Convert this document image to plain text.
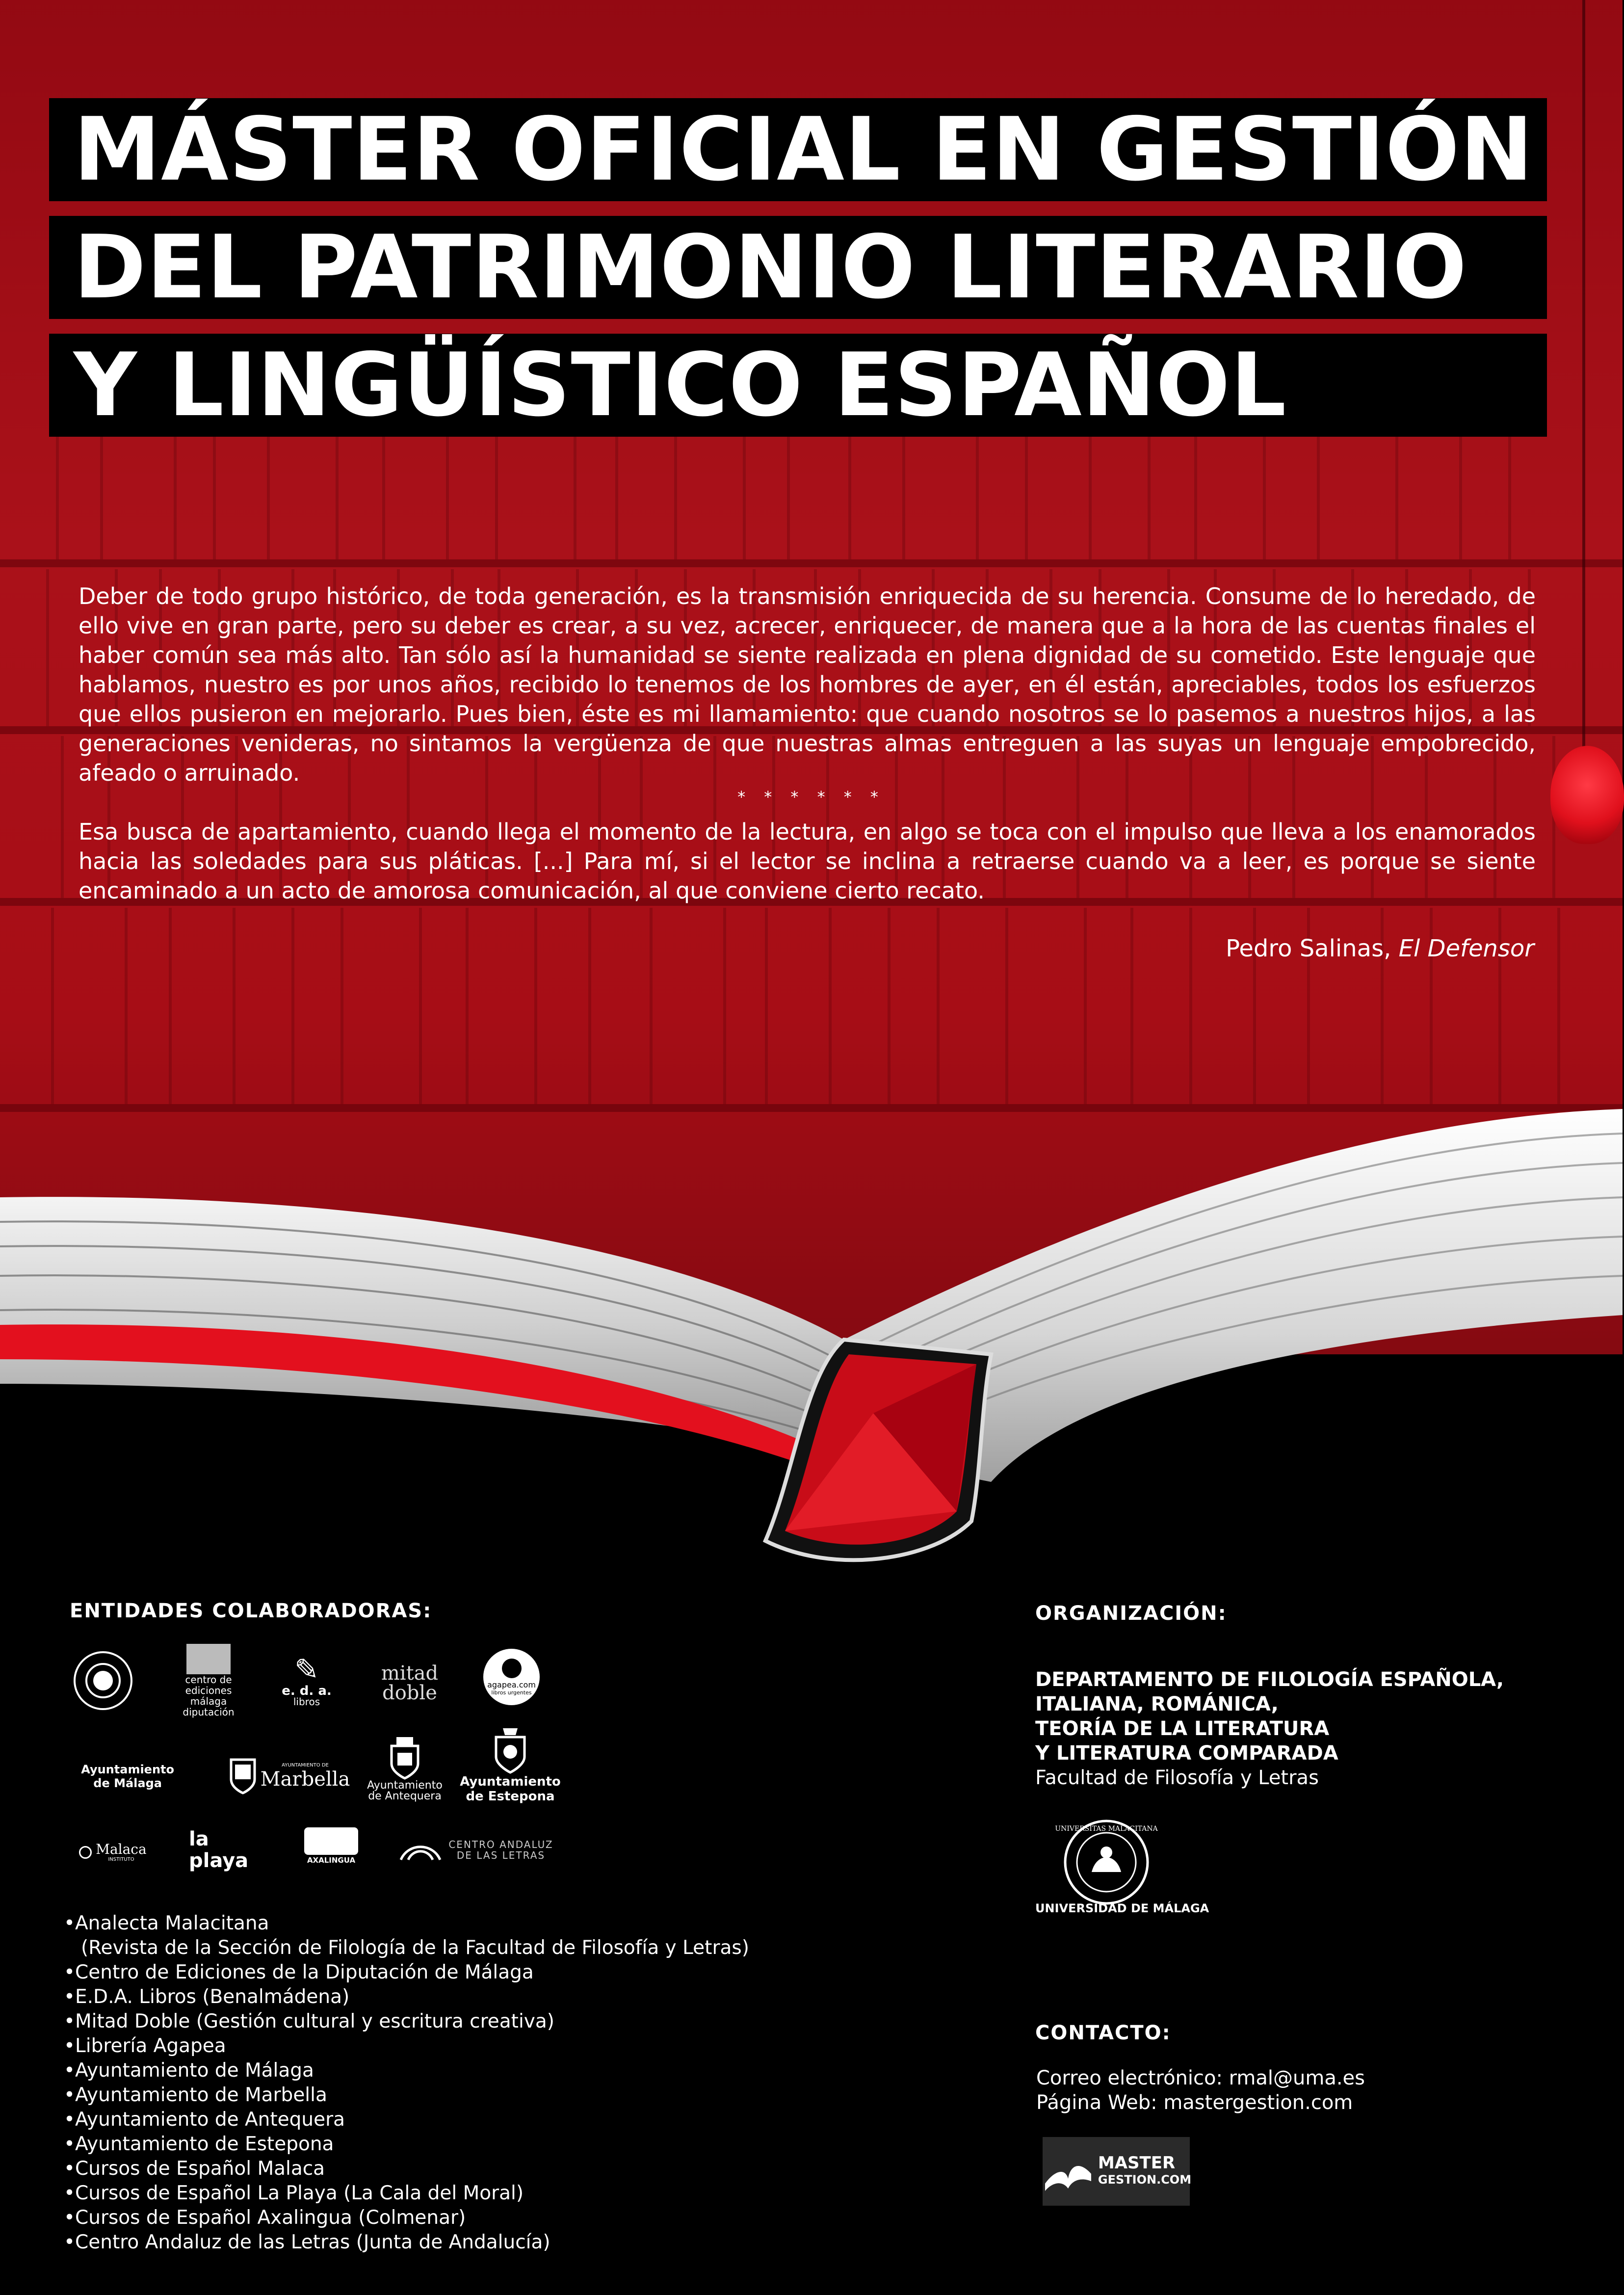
MÁSTER OFICIAL EN GESTIÓN
DEL PATRIMONIO LITERARIO
Y LINGÜÍSTICO ESPAÑOL

Deber de todo grupo histórico, de toda generación, es la transmisión enriquecida de su herencia. Consume de lo heredado, de ello vive en gran parte, pero su deber es crear, a su vez, acrecer, enriquecer, de manera que a la hora de las cuentas finales el haber común sea más alto. Tan sólo así la humanidad se siente realizada en plena dignidad de su cometido. Este lenguaje que hablamos, nuestro es por unos años, recibido lo tenemos de los hombres de ayer, en él están, apreciables, todos los esfuerzos que ellos pusieron en mejorarlo. Pues bien, éste es mi llamamiento: que cuando nosotros se lo pasemos a nuestros hijos, a las generaciones venideras, no sintamos la vergüenza de que nuestras almas entreguen a las suyas un lenguaje empobrecido, afeado o arruinado.

* * * * * *

Esa busca de apartamiento, cuando llega el momento de la lectura, en algo se toca con el impulso que lleva a los enamorados hacia las soledades para sus pláticas. [...] Para mí, si el lector se inclina a retraerse cuando va a leer, es porque se siente encaminado a un acto de amorosa comunicación, al que conviene cierto recato.

Pedro Salinas, El Defensor
ENTIDADES COLABORADORAS:
centro de ediciones
málaga diputación
✎
e. d. a.
libros
mitad
doble	agapea.com
libros urgentes
Ayuntamiento
de Málaga
AYUNTAMIENTO DE
Marbella Ayuntamiento
de Antequera
Ayuntamiento
de Estepona
Malaca
INSTITUTO
la playa	AXALINGUA
CENTRO ANDALUZ
DE LAS LETRAS
•Analecta Malacitana
(Revista de la Sección de Filología de la Facultad de Filosofía y Letras)
•Centro de Ediciones de la Diputación de Málaga
•E.D.A. Libros (Benalmádena)
•Mitad Doble (Gestión cultural y escritura creativa)
•Librería Agapea
•Ayuntamiento de Málaga
•Ayuntamiento de Marbella
•Ayuntamiento de Antequera
•Ayuntamiento de Estepona
•Cursos de Español Malaca
•Cursos de Español La Playa (La Cala del Moral)
•Cursos de Español Axalingua (Colmenar)
•Centro Andaluz de las Letras (Junta de Andalucía)
ORGANIZACIÓN:
DEPARTAMENTO DE FILOLOGÍA ESPAÑOLA,
ITALIANA, ROMÁNICA,
TEORÍA DE LA LITERATURA
Y LITERATURA COMPARADA
Facultad de Filosofía y Letras
UNIVERSITAS MALACITANA
UNIVERSIDAD DE MÁLAGA
CONTACTO:
Correo electrónico: rmal@uma.es
Página Web: mastergestion.com
MASTER
GESTION.COM
